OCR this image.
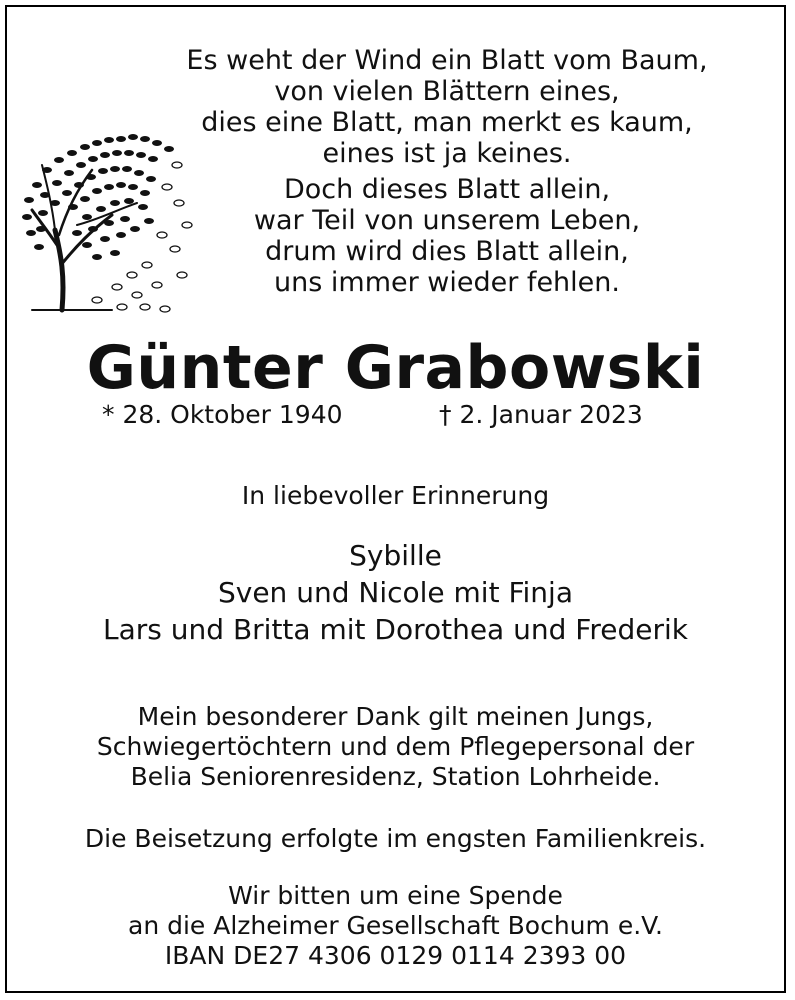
Es weht der Wind ein Blatt vom Baum,
von vielen Blättern eines,
dies eine Blatt, man merkt es kaum,
eines ist ja keines.
Doch dieses Blatt allein,
war Teil von unserem Leben,
drum wird dies Blatt allein,
uns immer wieder fehlen.
Günter Grabowski
* 28. Oktober 1940	† 2. Januar 2023
In liebevoller Erinnerung
Sybille
Sven und Nicole mit Finja
Lars und Britta mit Dorothea und Frederik
Mein besonderer Dank gilt meinen Jungs,
Schwiegertöchtern und dem Pflegepersonal der
Belia Seniorenresidenz, Station Lohrheide.
Die Beisetzung erfolgte im engsten Familienkreis.
Wir bitten um eine Spende
an die Alzheimer Gesellschaft Bochum e.V.
IBAN DE27 4306 0129 0114 2393 00
